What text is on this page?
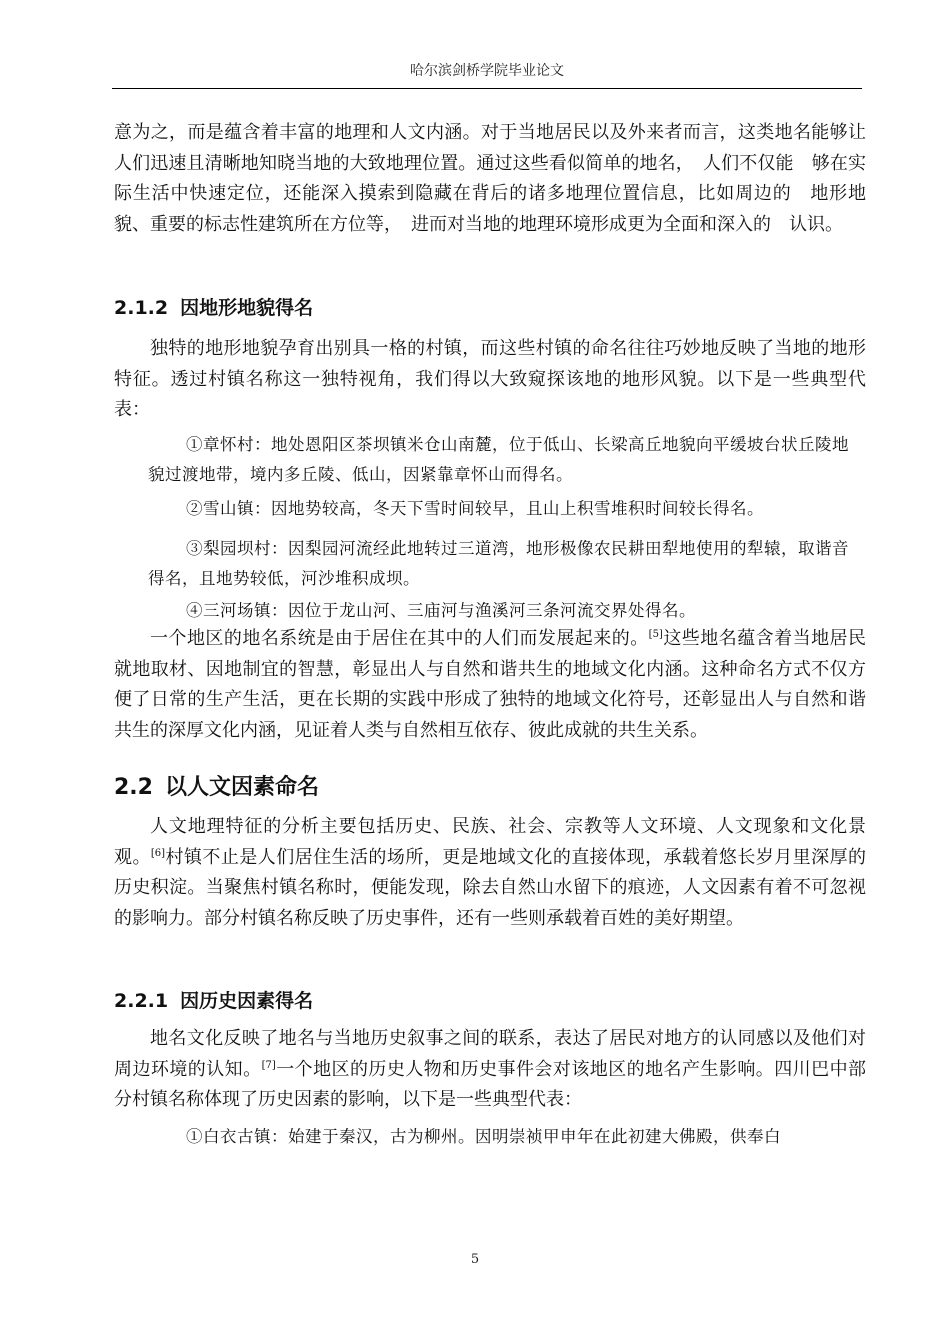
哈尔滨剑桥学院毕业论文

意为之，而是蕴含着丰富的地理和人文内涵。对于当地居民以及外来者而言，这类地名能够让人们迅速且清晰地知晓当地的大致地理位置。通过这些看似简单的地名，　人们不仅能　够在实际生活中快速定位，还能深入摸索到隐藏在背后的诸多地理位置信息，比如周边的　地形地貌、重要的标志性建筑所在方位等，　进而对当地的地理环境形成更为全面和深入的　认识。

2.1.2 因地形地貌得名

独特的地形地貌孕育出别具一格的村镇，而这些村镇的命名往往巧妙地反映了当地的地形特征。透过村镇名称这一独特视角，我们得以大致窥探该地的地形风貌。以下是一些典型代表：

①章怀村：地处恩阳区茶坝镇米仓山南麓，位于低山、长梁高丘地貌向平缓坡台状丘陵地貌过渡地带，境内多丘陵、低山，因紧靠章怀山而得名。

②雪山镇：因地势较高，冬天下雪时间较早，且山上积雪堆积时间较长得名。

③梨园坝村：因梨园河流经此地转过三道湾，地形极像农民耕田犁地使用的犁辕，取谐音得名，且地势较低，河沙堆积成坝。

④三河场镇：因位于龙山河、三庙河与渔溪河三条河流交界处得名。

一个地区的地名系统是由于居住在其中的人们而发展起来的。[5]这些地名蕴含着当地居民就地取材、因地制宜的智慧，彰显出人与自然和谐共生的地域文化内涵。这种命名方式不仅方便了日常的生产生活，更在长期的实践中形成了独特的地域文化符号，还彰显出人与自然和谐共生的深厚文化内涵，见证着人类与自然相互依存、彼此成就的共生关系。

2.2 以人文因素命名

人文地理特征的分析主要包括历史、民族、社会、宗教等人文环境、人文现象和文化景观。[6]村镇不止是人们居住生活的场所，更是地域文化的直接体现，承载着悠长岁月里深厚的历史积淀。当聚焦村镇名称时，便能发现，除去自然山水留下的痕迹，人文因素有着不可忽视的影响力。部分村镇名称反映了历史事件，还有一些则承载着百姓的美好期望。

2.2.1 因历史因素得名

地名文化反映了地名与当地历史叙事之间的联系，表达了居民对地方的认同感以及他们对周边环境的认知。[7]一个地区的历史人物和历史事件会对该地区的地名产生影响。四川巴中部分村镇名称体现了历史因素的影响，以下是一些典型代表：

①白衣古镇：始建于秦汉，古为柳州。因明崇祯甲申年在此初建大佛殿，供奉白

5
